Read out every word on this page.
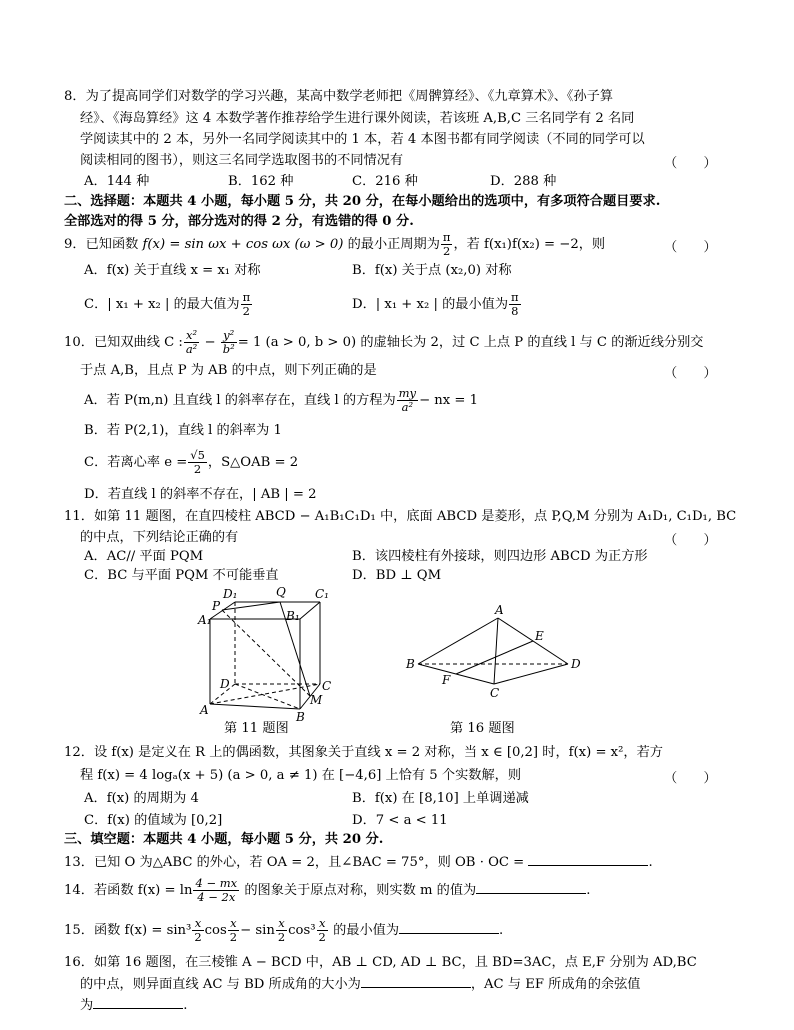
8．为了提高同学们对数学的学习兴趣，某高中数学老师把《周髀算经》、《九章算术》、《孙子算
经》、《海岛算经》这 4 本数学著作推荐给学生进行课外阅读，若该班 A,B,C 三名同学有 2 名同
学阅读其中的 2 本，另外一名同学阅读其中的 1 本，若 4 本图书都有同学阅读（不同的同学可以
阅读相同的图书），则这三名同学选取图书的不同情况有	（　　）
A．144 种	B．162 种	C．216 种	D．288 种
二、选择题：本题共 4 小题，每小题 5 分，共 20 分，在每小题给出的选项中，有多项符合题目要求.
全部选对的得 5 分，部分选对的得 2 分，有选错的得 0 分.
9．已知函数 f(x) = sin ωx + cos ωx (ω > 0) 的最小正周期为 $\frac{\pi}{2}$ ，若 f(x₁)f(x₂) = −2，则	（　　）
A．f(x) 关于直线 x = x₁ 对称	B．f(x) 关于点 (x₂,0) 对称
C．| x₁ + x₂ | 的最大值为 $\frac{\pi}{2}$	D．| x₁ + x₂ | 的最小值为 $\frac{\pi}{8}$
10．已知双曲线 C : $\frac{\text{x²}}{\text{a²}} - \frac{\text{y²}}{\text{b²}} = 1$ (a > 0, b > 0) 的虚轴长为 2，过 C 上点 P 的直线 l 与 C 的渐近线分别交
于点 A,B，且点 P 为 AB 的中点，则下列正确的是	（　　）
A．若 P(m,n) 且直线 l 的斜率存在，直线 l 的方程为 $\frac{my}{\text{a²}}$ − nx = 1
B．若 P(2,1)，直线 l 的斜率为 1
C．若离心率 $e = \frac{√5}{2}$ ，S△OAB = 2
D．若直线 l 的斜率不存在，| AB | = 2
11．如第 11 题图，在直四棱柱 ABCD − A₁B₁C₁D₁ 中，底面 ABCD 是菱形，点 P,Q,M 分别为 A₁D₁, C₁D₁, BC
的中点，下列结论正确的有	（　　）
A．AC// 平面 PQM	B．该四棱柱有外接球，则四边形 ABCD 为正方形
C．BC 与平面 PQM 不可能垂直	D．BD ⊥ QM
D₁	Q C₁
P
A₁	B₁
D	C
M
A	B
第 11 题图
A
E
B	D
F
C
第 16 题图
12．设 f(x) 是定义在 R 上的偶函数，其图象关于直线 x = 2 对称，当 x ∈ [0,2] 时，f(x) = x²，若方
程 f(x) = 4 logₐ(x + 5) (a > 0, a ≠ 1) 在 [−4,6] 上恰有 5 个实数解，则	（　　）
A．f(x) 的周期为 4	B．f(x) 在 [8,10] 上单调递减
C．f(x) 的值域为 [0,2]	D．7 < a < 11
三、填空题：本题共 4 小题，每小题 5 分，共 20 分.
13．已知 O 为△ABC 的外心，若 OA = 2，且∠BAC = 75°，则 OB · OC =	.
14．若函数 $f(x) = \ln \frac{4 - mx}{4 - 2x}$ 的图象关于原点对称，则实数 m 的值为	.
15．函数 $f(x) = \sin^3 \frac{x}{2}$ $\cos \frac{x}{2} - \sin \frac{x}{2} \cos^3 \frac{x}{2}$ 的最小值为	.
16．如第 16 题图，在三棱锥 A − BCD 中，AB ⊥ CD, AD ⊥ BC，且 BD=3AC，点 E,F 分别为 AD,BC
的中点，则异面直线 AC 与 BD 所成角的大小为	，AC 与 EF 所成角的余弦值
为	.
